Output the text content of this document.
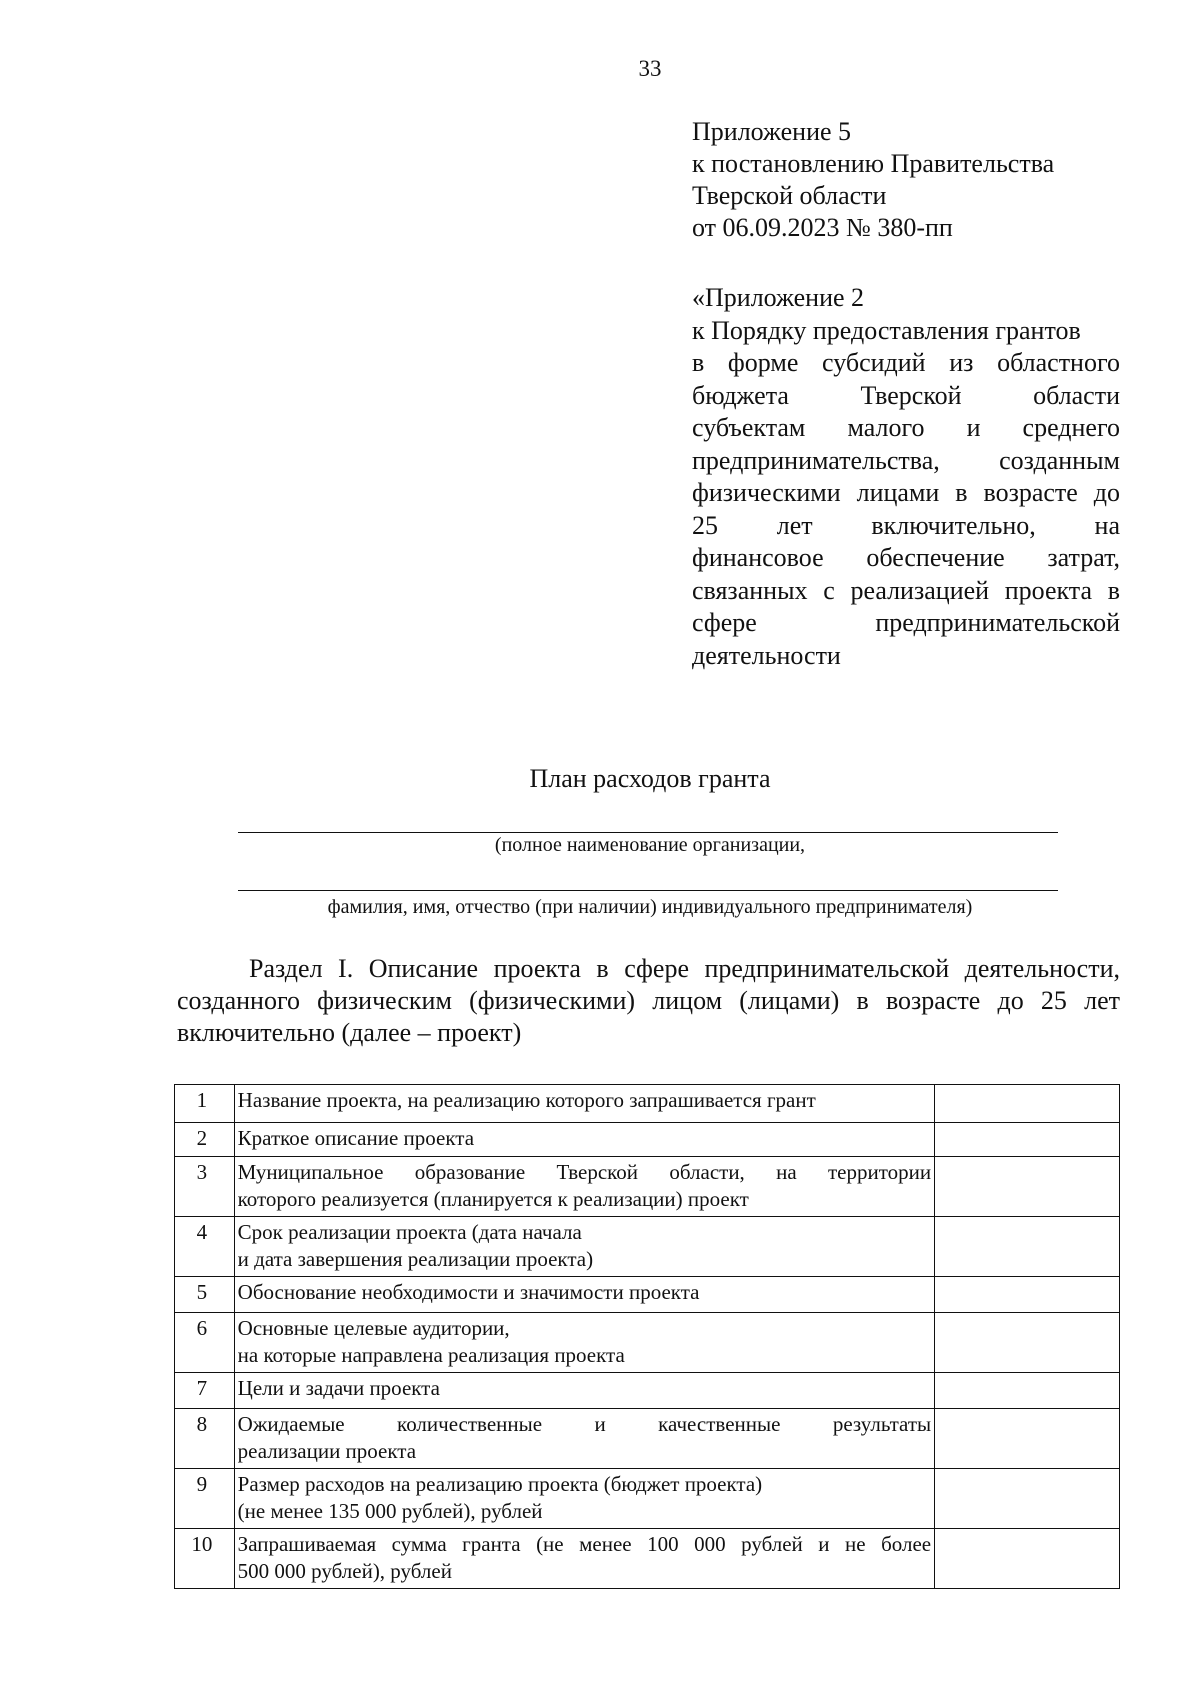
33
Приложение 5
к постановлению Правительства
Тверской области
от 06.09.2023 № 380-пп
«Приложение 2
к Порядку предоставления грантов
в форме субсидий из областного
бюджета Тверской области
субъектам малого и среднего
предпринимательства, созданным
физическими лицами в возрасте до
25 лет включительно, на
финансовое обеспечение затрат,
связанных с реализацией проекта в
сфере предпринимательской
деятельности
План расходов гранта
(полное наименование организации,
фамилия, имя, отчество (при наличии) индивидуального предпринимателя)
Раздел I. Описание проекта в сфере предпринимательской деятельности,
созданного физическим (физическими) лицом (лицами) в возрасте до 25 лет
включительно (далее – проект)
1	Название проекта, на реализацию которого запрашивается грант	

2	Краткое описание проекта	

3	Муниципальное образование Тверской области, на территории
которого реализуется (планируется к реализации) проект	

4	Срок реализации проекта (дата начала
и дата завершения реализации проекта)	

5	Обоснование необходимости и значимости проекта	

6	Основные целевые аудитории,
на которые направлена реализация проекта	

7	Цели и задачи проекта	

8	Ожидаемые количественные и качественные результаты
реализации проекта	

9	Размер расходов на реализацию проекта (бюджет проекта)
(не менее 135 000 рублей), рублей	

10	Запрашиваемая сумма гранта (не менее 100 000 рублей и не более
500 000 рублей), рублей	
